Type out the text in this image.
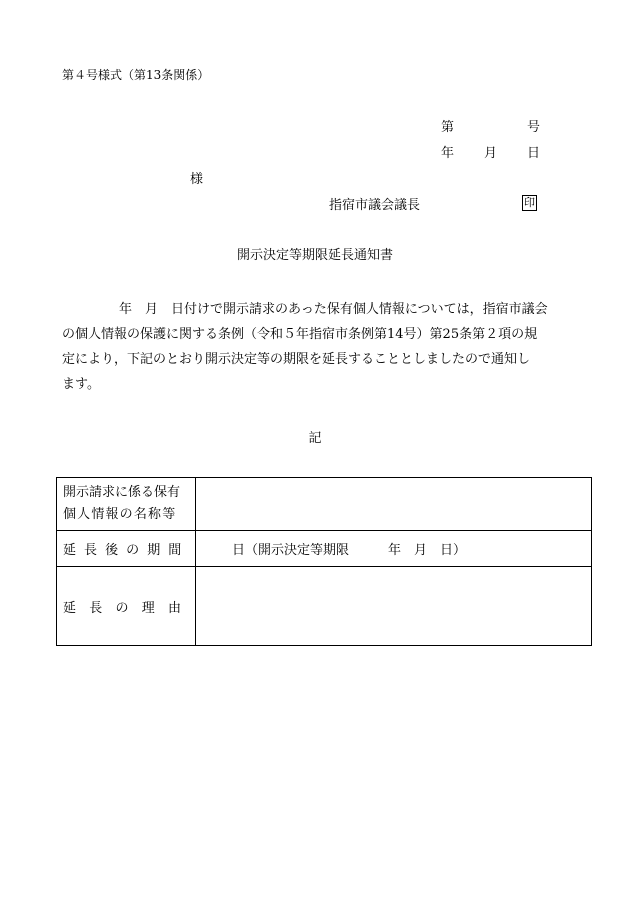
第４号様式（第13条関係）
第	号
年 月 日
様
指宿市議会議長	印
開示決定等期限延長通知書
年　月　日付けで開示請求のあった保有個人情報については，指宿市議会
の個人情報の保護に関する条例（令和５年指宿市条例第14号）第25条第２項の規
定により，下記のとおり開示決定等の期限を延長することとしましたので通知し
ます。
記
開示請求に係る保有
個人情報の名称等	

延長後の期間	日（開示決定等期限　　　年　月　日）
延長の理由	
